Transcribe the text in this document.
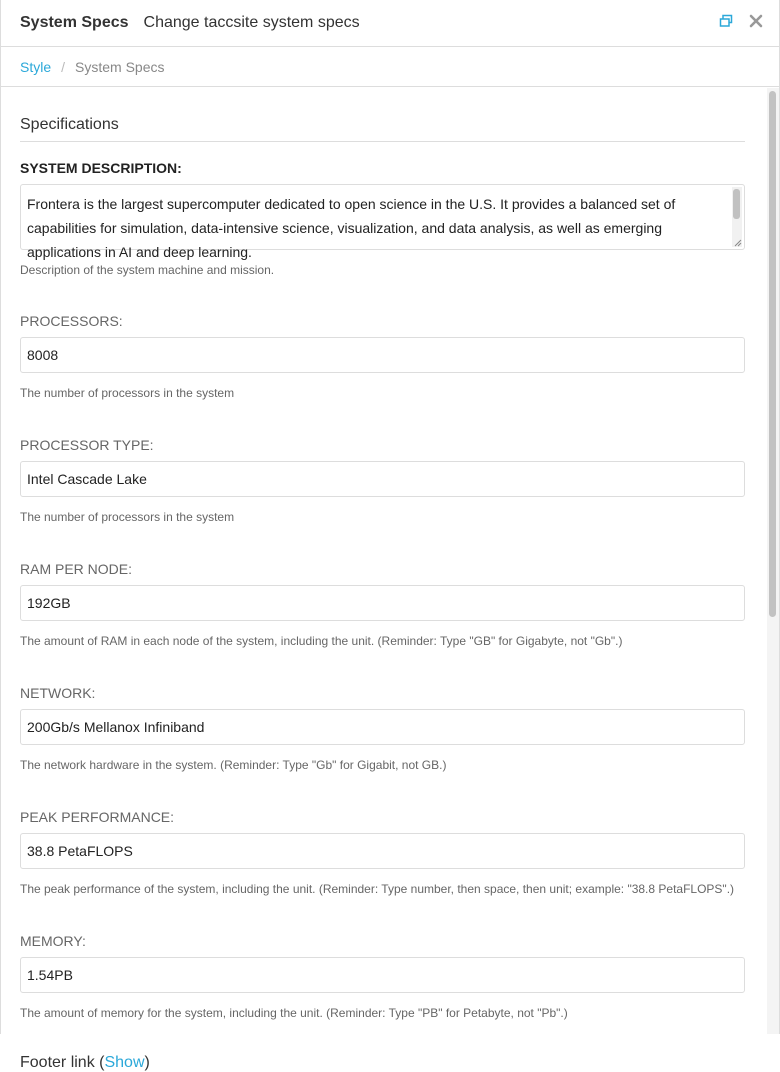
System Specs Change taccsite system specs
Style / System Specs
Specifications
SYSTEM DESCRIPTION:
Frontera is the largest supercomputer dedicated to open science in the U.S. It provides a balanced set of capabilities for simulation, data-intensive science, visualization, and data analysis, as well as emerging applications in AI and deep learning.
Description of the system machine and mission.
PROCESSORS:
8008
The number of processors in the system
PROCESSOR TYPE:
Intel Cascade Lake
The number of processors in the system
RAM PER NODE:
192GB
The amount of RAM in each node of the system, including the unit. (Reminder: Type "GB" for Gigabyte, not "Gb".)
NETWORK:
200Gb/s Mellanox Infiniband
The network hardware in the system. (Reminder: Type "Gb" for Gigabit, not GB.)
PEAK PERFORMANCE:
38.8 PetaFLOPS
The peak performance of the system, including the unit. (Reminder: Type number, then space, then unit; example: "38.8 PetaFLOPS".)
MEMORY:
1.54PB
The amount of memory for the system, including the unit. (Reminder: Type "PB" for Petabyte, not "Pb".)
Footer link (Show)
